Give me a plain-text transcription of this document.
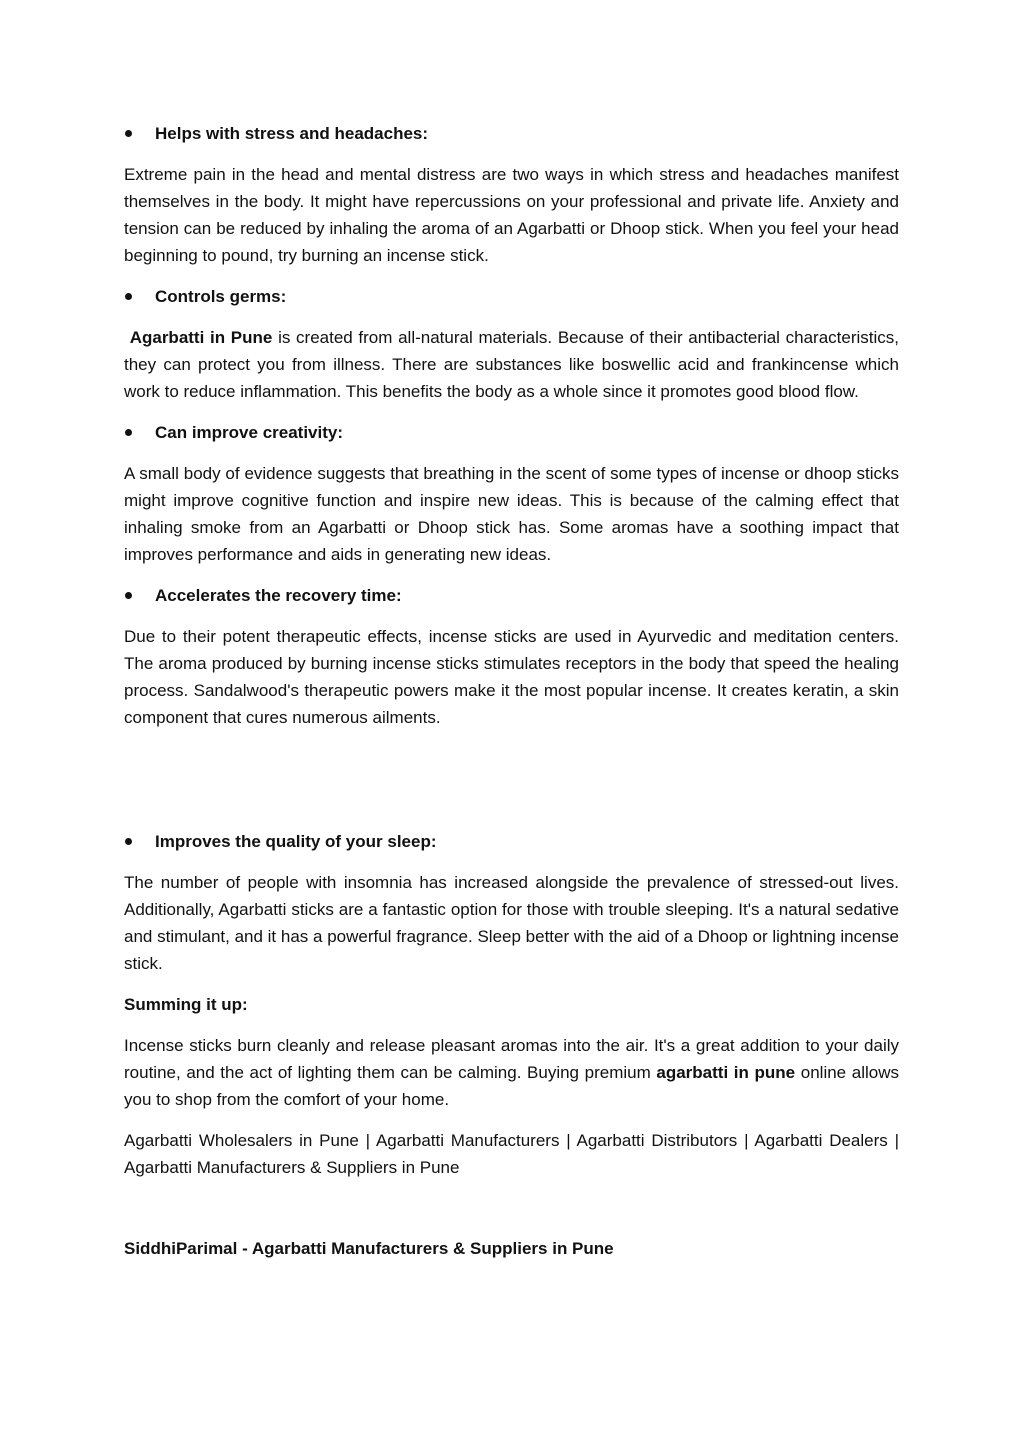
Helps with stress and headaches:

Extreme pain in the head and mental distress are two ways in which stress and headaches manifest themselves in the body. It might have repercussions on your professional and private life. Anxiety and tension can be reduced by inhaling the aroma of an Agarbatti or Dhoop stick. When you feel your head beginning to pound, try burning an incense stick.

Controls germs:

Agarbatti in Pune is created from all-natural materials. Because of their antibacterial characteristics, they can protect you from illness. There are substances like boswellic acid and frankincense which work to reduce inflammation. This benefits the body as a whole since it promotes good blood flow.

Can improve creativity:

A small body of evidence suggests that breathing in the scent of some types of incense or dhoop sticks might improve cognitive function and inspire new ideas. This is because of the calming effect that inhaling smoke from an Agarbatti or Dhoop stick has. Some aromas have a soothing impact that improves performance and aids in generating new ideas.

Accelerates the recovery time:

Due to their potent therapeutic effects, incense sticks are used in Ayurvedic and meditation centers. The aroma produced by burning incense sticks stimulates receptors in the body that speed the healing process. Sandalwood's therapeutic powers make it the most popular incense. It creates keratin, a skin component that cures numerous ailments.

Improves the quality of your sleep:

The number of people with insomnia has increased alongside the prevalence of stressed-out lives. Additionally, Agarbatti sticks are a fantastic option for those with trouble sleeping. It's a natural sedative and stimulant, and it has a powerful fragrance. Sleep better with the aid of a Dhoop or lightning incense stick.

Summing it up:

Incense sticks burn cleanly and release pleasant aromas into the air. It's a great addition to your daily routine, and the act of lighting them can be calming. Buying premium agarbatti in pune online allows you to shop from the comfort of your home.

Agarbatti Wholesalers in Pune | Agarbatti Manufacturers | Agarbatti Distributors | Agarbatti Dealers | Agarbatti Manufacturers & Suppliers in Pune

SiddhiParimal - Agarbatti Manufacturers & Suppliers in Pune
